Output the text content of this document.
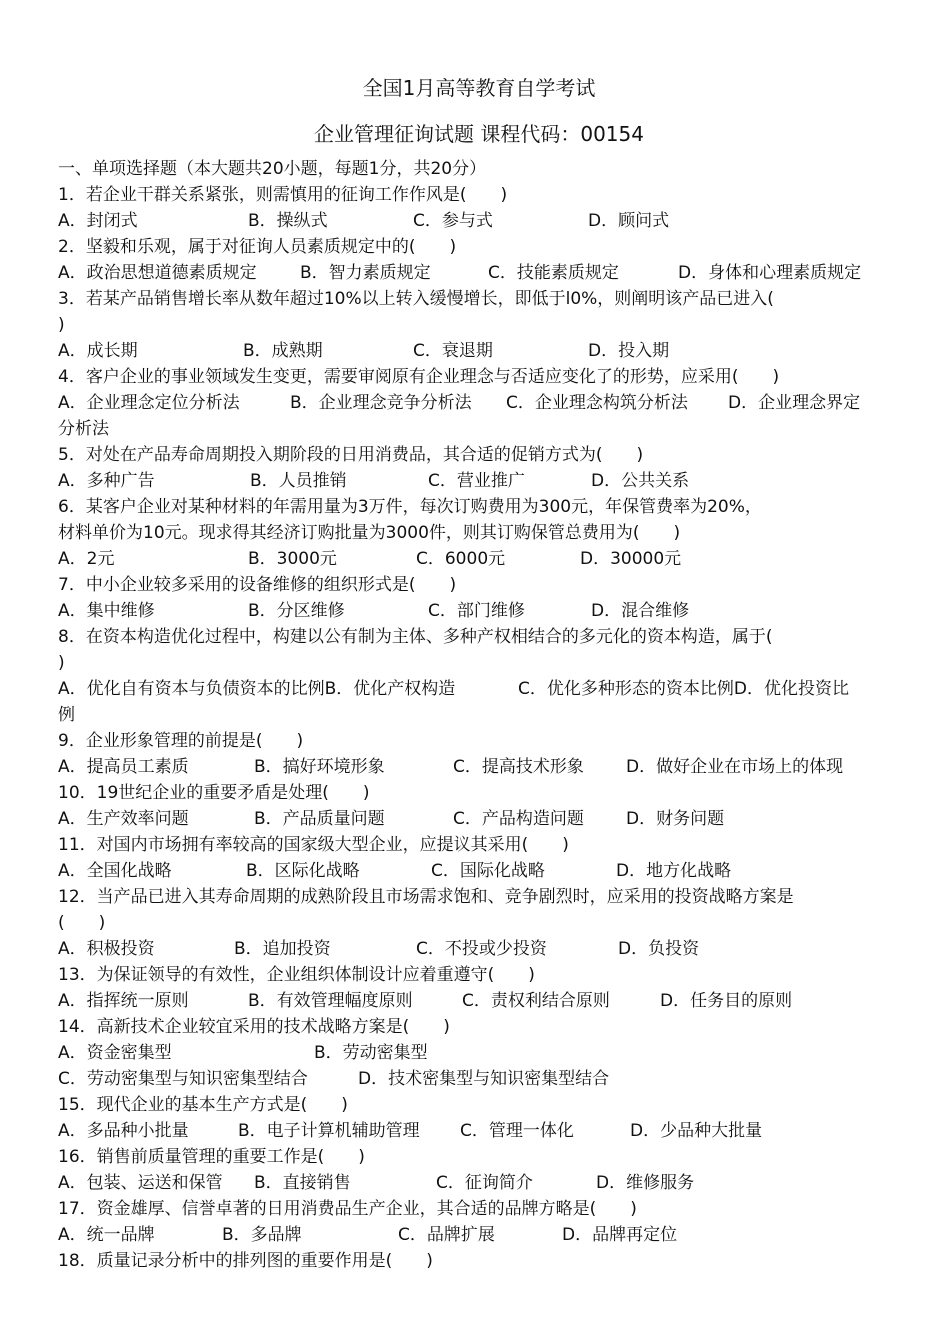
全国1月高等教育自学考试
企业管理征询试题 课程代码：00154
一、单项选择题（本大题共20小题，每题1分，共20分）
1．若企业干群关系紧张，则需慎用的征询工作作风是(　　)
A．封闭式	B．操纵式	C．参与式	D．顾问式
2．坚毅和乐观，属于对征询人员素质规定中的(　　)
A．政治思想道德素质规定	B．智力素质规定	C．技能素质规定	D．身体和心理素质规定
3．若某产品销售增长率从数年超过10%以上转入缓慢增长，即低于l0%，则阐明该产品已进入(
)
A．成长期	B．成熟期	C．衰退期	D．投入期
4．客户企业的事业领域发生变更，需要审阅原有企业理念与否适应变化了的形势，应采用(　　)
A．企业理念定位分析法	B．企业理念竞争分析法 C．企业理念构筑分析法 D．企业理念界定
分析法
5．对处在产品寿命周期投入期阶段的日用消费品，其合适的促销方式为(　　)
A．多种广告	B．人员推销	C．营业推广	D．公共关系
6．某客户企业对某种材料的年需用量为3万件，每次订购费用为300元，年保管费率为20%，
材料单价为10元。现求得其经济订购批量为3000件，则其订购保管总费用为(　　)
A．2元	B．3000元	C．6000元	D．30000元
7．中小企业较多采用的设备维修的组织形式是(　　)
A．集中维修	B．分区维修	C．部门维修	D．混合维修
8．在资本构造优化过程中，构建以公有制为主体、多种产权相结合的多元化的资本构造，属于(
)
A．优化自有资本与负债资本的比例B．优化产权构造	C．优化多种形态的资本比例D．优化投资比
例
9．企业形象管理的前提是(　　)
A．提高员工素质	B．搞好环境形象	C．提高技术形象 D．做好企业在市场上的体现
10．19世纪企业的重要矛盾是处理(　　)
A．生产效率问题	B．产品质量问题	C．产品构造问题 D．财务问题
11．对国内市场拥有率较高的国家级大型企业，应提议其采用(　　)
A．全国化战略	B．区际化战略	C．国际化战略	D．地方化战略
12．当产品已进入其寿命周期的成熟阶段且市场需求饱和、竞争剧烈时，应采用的投资战略方案是
(　　)
A．积极投资	B．追加投资	C．不投或少投资	D．负投资
13．为保证领导的有效性，企业组织体制设计应着重遵守(　　)
A．指挥统一原则	B．有效管理幅度原则	C．责权利结合原则	D．任务目的原则
14．高新技术企业较宜采用的技术战略方案是(　　)
A．资金密集型	B．劳动密集型
C．劳动密集型与知识密集型结合	D．技术密集型与知识密集型结合
15．现代企业的基本生产方式是(　　)
A．多品种小批量	B．电子计算机辅助管理 C．管理一体化	D．少品种大批量
16．销售前质量管理的重要工作是(　　)
A．包装、运送和保管 B．直接销售	C．征询简介	D．维修服务
17．资金雄厚、信誉卓著的日用消费品生产企业，其合适的品牌方略是(　　)
A．统一品牌	B．多品牌	C．品牌扩展	D．品牌再定位
18．质量记录分析中的排列图的重要作用是(　　)
